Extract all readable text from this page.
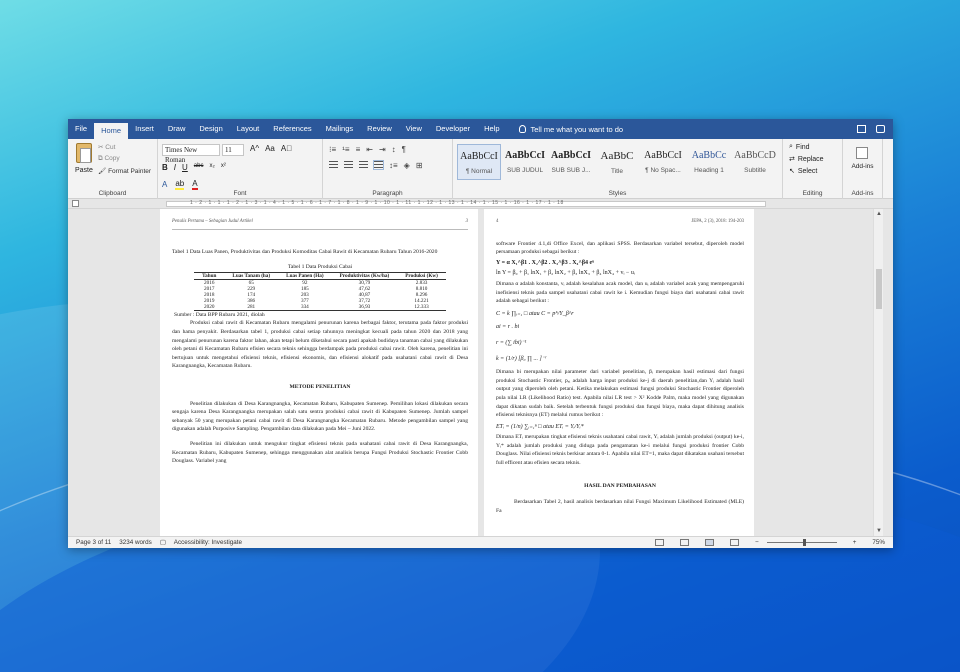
File	Home	Insert	Draw	Design	Layout	References	Mailings	Review	View	Developer	Help	Tell me what you want to do
Paste
✂ Cut
⧉ Copy
🖌 Format Painter
Clipboard
Times New Roman
11
B I U abc x₂ x²
A ab A
A^ Aa A⃠
Font
⁝≡ ¹≡ ≡ ⇤ ⇥ ↕ ¶
↕≡ ◈ ⊞
Paragraph
AaBbCcI
¶ Normal
AaBbCcI
SUB JUDUL
AaBbCcI
SUB SUB J...
AaBbC
Title
AaBbCcI
¶ No Spac...
AaBbCc
Heading 1
AaBbCcD
Subtitle
Styles
⌕ Find
⇄ Replace
↖ Select
Editing
Add-ins
Add-ins
1 · 2 · 1 · 1 · 1 · 2 · 1 · 3 · 1 · 4 · 1 · 5 · 1 · 6 · 1 · 7 · 1 · 8 · 1 · 9 · 1 · 10 · 1 · 11 · 1 · 12 · 1 · 13 · 1 · 14 · 1 · 15 · 1 · 16 · 1 · 17 · 1 · 18
Penulis Pertama – Sebagian Judul Artikel	3
Tabel 1 Data Luas Panen, Produktivitas dan Produksi Komoditas Cabai Rawit di Kecamatan Rubaru Tahun 2016-2020
Tabel 1 Data Produksi Cabai
Tahun	Luas Tanam (ha)	Luas Panen (Ha)	Produktivitas (Kw/ha)	Produksi (Kw)
2016	65	92	30,79	2.833
2017	229	185	47,62	8.810
2018	174	203	40,87	8.296
2019	386	377	37,72	14.221
2020	281	334	36,93	12.333
Sumber : Data BPP Rubaru 2021, diolah
Produksi cabai rawit di Kecamatan Rubaru mengalami penurunan karena berbagai faktor, terutama pada faktor produksi dan hama penyakit. Berdasarkan tabel 1, produksi cabai setiap tahunnya meningkat kecuali pada tahun 2020 dan 2018 yang mengalami penurunan karena faktor lahan, akan tetapi belum diketahui secara pasti apakah budidaya tanaman cabai yang dilakukan oleh petani di Kecamatan Rubaru efisien secara teknis sehingga berdampak pada produksi cabai rawit. Oleh karena, penelitian ini bertujuan untuk mengetahui efisiensi teknis, efisiensi ekonomis, dan efisiensi alokatif pada usahatani cabai rawit di Desa Karangnangka, Kecamatan Rubaru.
METODE PENELITIAN
Penelitian dilakukan di Desa Karangnangka, Kecamatan Rubaru, Kabupaten Sumenep. Pemilihan lokasi dilakukan secara sengaja karena Desa Karangnangka merupakan salah satu sentra produksi cabai rawit di Kabupaten Sumenep. Jumlah sampel sebanyak 50 yang merupakan petani cabai rawit di Desa Karangnangka Kecamatan Rubaru. Metode pengambilan sampel yang digunakan adalah Purposive Sampling. Pengambilan data dilakukan pada Mei – Juni 2022.
Penelitian ini dilakukan untuk mengukur tingkat efisiensi teknis pada usahatani cabai rawit di Desa Karangnangka, Kecamatan Rubaru, Kabupaten Sumenep, sehingga menggunakan alat analisis berupa Fungsi Produksi Stochastic Frontier Cobb Douglass. Variabel yang
4	JEPA, 2 (3), 2018: 194-203
software Frontier 4.1,di Office Excel, dan aplikasi SPSS. Berdasarkan variabel tersebut, diperoleh model persamaan produksi sebagai berikut :
Y = α X₁^β1 . X₂^β2 . X₃^β3 . X₄^β4 eᵘ
ln Y = β₀ + β₁ lnX₁ + β₂ lnX₂ + β₃ lnX₃ + β₄ lnX₄ + vᵢ − uᵢ
Dimana α adalah konstanta, vᵢ adalah kesalahan acak model, dan uᵢ adalah variabel acak yang mempengaruhi inefisiensi teknis pada sampel usahatani cabai rawit ke i. Kemudian fungsi biaya dari usahatani cabai rawit adalah sebagai berikut :
C = k ∏ᵢ₌₁ □ atau C = pᴬ/Y_β^r
ai = r . bi
r = (∑ ibi)⁻¹
k = (1/r) [β₀ ∏ ... ]⁻ʳ
Dimana bi merupakan nilai parameter dari variabel penelitian, βᵢ merupakan hasil estimasi dari fungsi produksi Stochastic Frontier, pₓᵢ adalah harga input produksi ke-j di daerah penelitian,dan Yᵢ adalah hasil output yang diperoleh oleh petani. Ketika melakukan estimasi fungsi produksi Stochastic Frontier diperoleh pula nilai LR (Likelihood Ratio) test. Apabila nilai LR test > X² Kodde Palm, maka model yang digunakan dapat dikatan sudah baik. Setelah terbentuk fungsi produksi dan fungsi biaya, maka dapat dihitung analisis efisiensi teknisnya (ET) melalui rumus berikut :
ETᵢ = (1/n) ∑ᵢ₌₁ⁿ □ atau ETᵢ = Yᵢ/Yᵢ*
Dimana ETᵢ merupakan tingkat efisiensi teknis usahatani cabai rawit, Yᵢ adalah jumlah produksi (output) ke-i, Yᵢ* adalah jumlah produksi yang diduga pada pengamatan ke-i melalui fungsi produksi frontier Cobb Douglass. Nilai efisiensi teknis berkisar antara 0-1. Apabila nilai ET=1, maka dapat dikatakan usahani tersebut full efficent atau efisien secara teknis.
HASIL DAN PEMBAHASAN
Berdasarkan Tabel 2, hasil analisis berdasarkan nilai Fungsi Maximum Likelihood Estimated (MLE) Fa
▲
▼
Page 3 of 11 3234 words ▢ Accessibility: Investigate	−	+	75%
